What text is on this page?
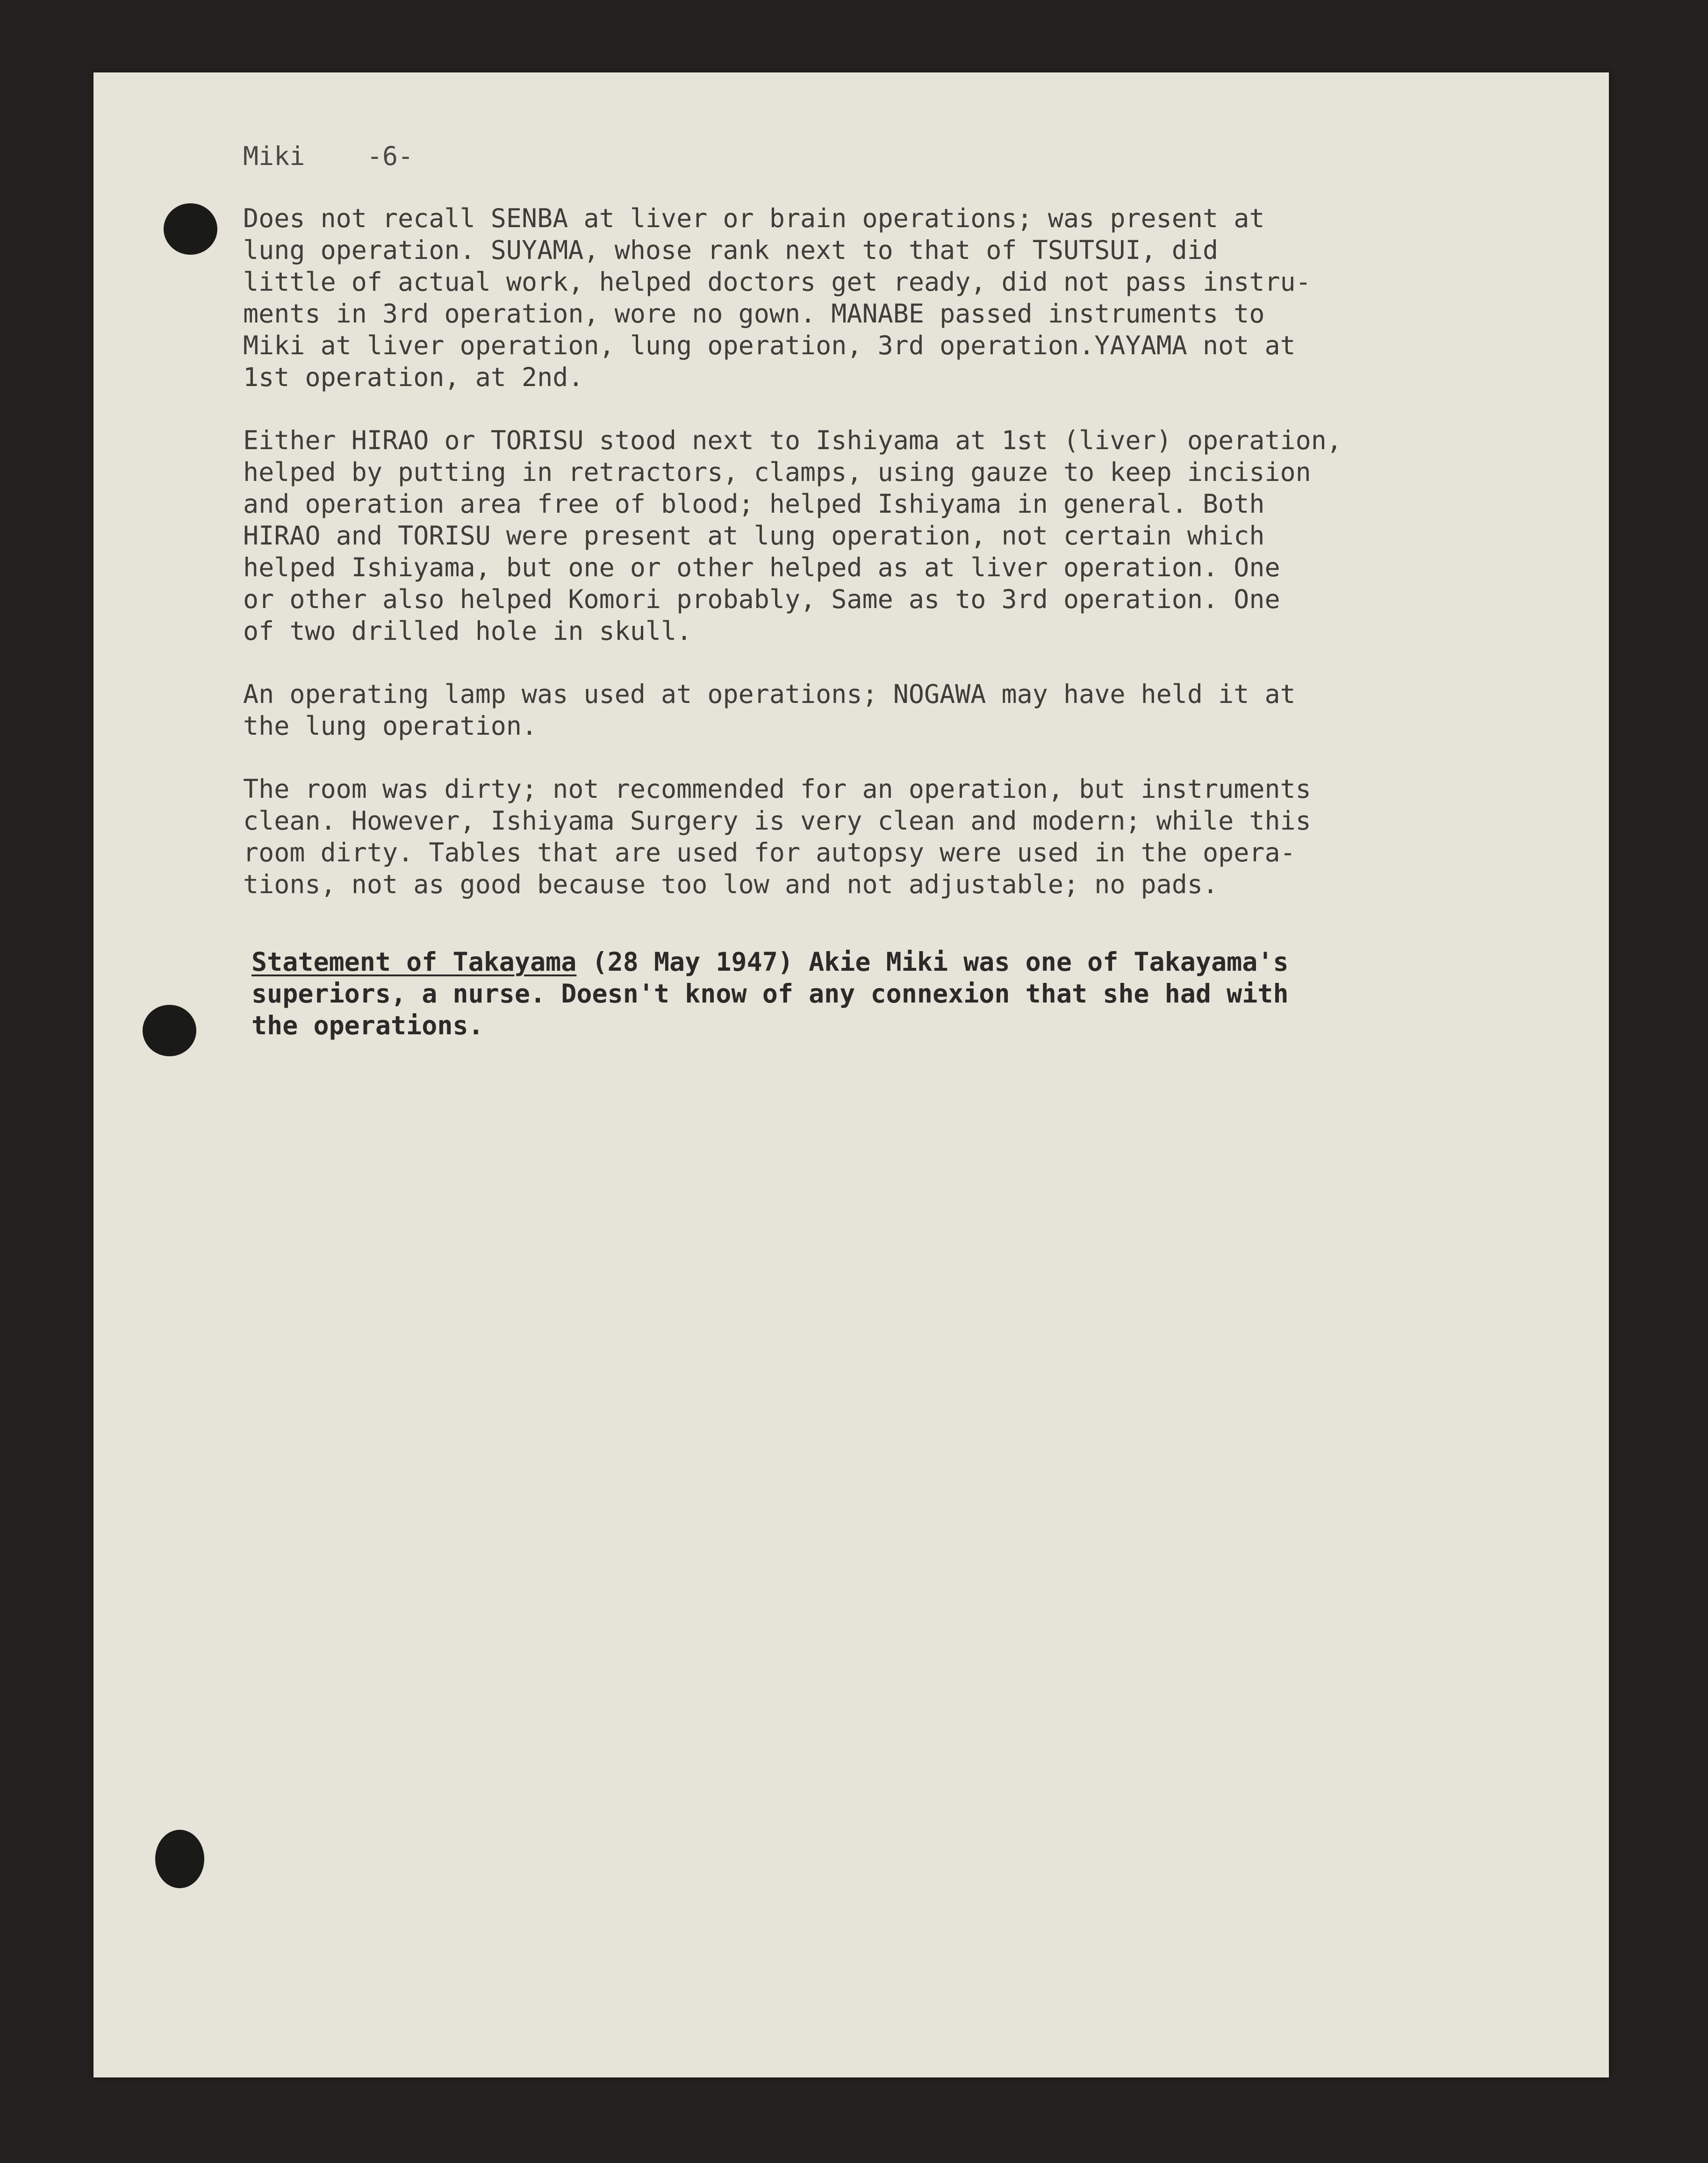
Miki    -6-

Does not recall SENBA at liver or brain operations; was present at
lung operation. SUYAMA, whose rank next to that of TSUTSUI, did
little of actual work, helped doctors get ready, did not pass instru-
ments in 3rd operation, wore no gown. MANABE passed instruments to
Miki at liver operation, lung operation, 3rd operation.YAYAMA not at
1st operation, at 2nd.

Either HIRAO or TORISU stood next to Ishiyama at 1st (liver) operation,
helped by putting in retractors, clamps, using gauze to keep incision
and operation area free of blood; helped Ishiyama in general. Both
HIRAO and TORISU were present at lung operation, not certain which
helped Ishiyama, but one or other helped as at liver operation. One
or other also helped Komori probably, Same as to 3rd operation. One
of two drilled hole in skull.

An operating lamp was used at operations; NOGAWA may have held it at
the lung operation.

The room was dirty; not recommended for an operation, but instruments
clean. However, Ishiyama Surgery is very clean and modern; while this
room dirty. Tables that are used for autopsy were used in the opera-
tions, not as good because too low and not adjustable; no pads.

Statement of Takayama (28 May 1947) Akie Miki was one of Takayama's
superiors, a nurse. Doesn't know of any connexion that she had with
the operations.
